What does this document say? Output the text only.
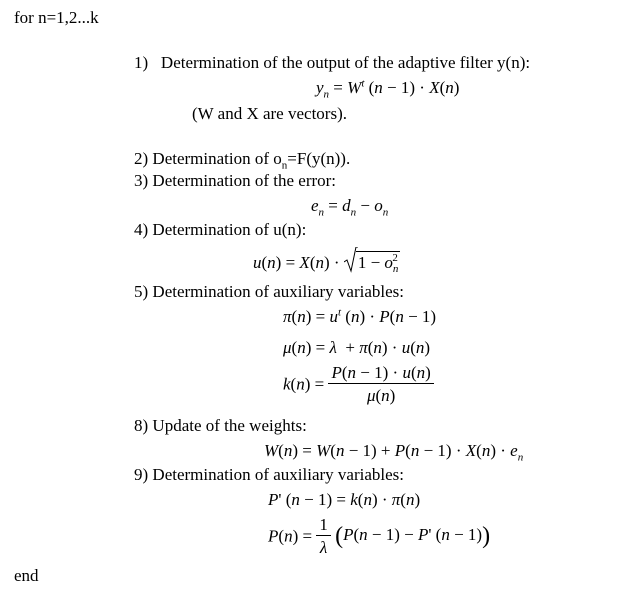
for n=1,2...k
1) Determination of the output of the adaptive filter y(n):
$y_n = W^t$ (n − 1) · X(n)
(W and X are vectors).
2) Determination of $o_n=F(y(n))$.
3) Determination of the error:
$e_n = d_n - o_n$
4) Determination of u(n):
u(n) = X(n) ·
$1 - o_n^2$
5) Determination of auxiliary variables:
$\pi(n) = u^t$ (n) · P(n − 1)
μ(n) = λ  + π(n) · u(n)
$k(n) = \frac{P(n - 1) \cdot u(n)}{\mu(n)}$
8) Update of the weights:
$W(n) = W(n - 1) + P(n - 1) \cdot X(n) \cdot e_n$
9) Determination of auxiliary variables:
P' (n − 1) = k(n) · π(n)
$P(n) = \frac{1}{\lambda} (P(n - 1) - P'$ (n − 1))
end
